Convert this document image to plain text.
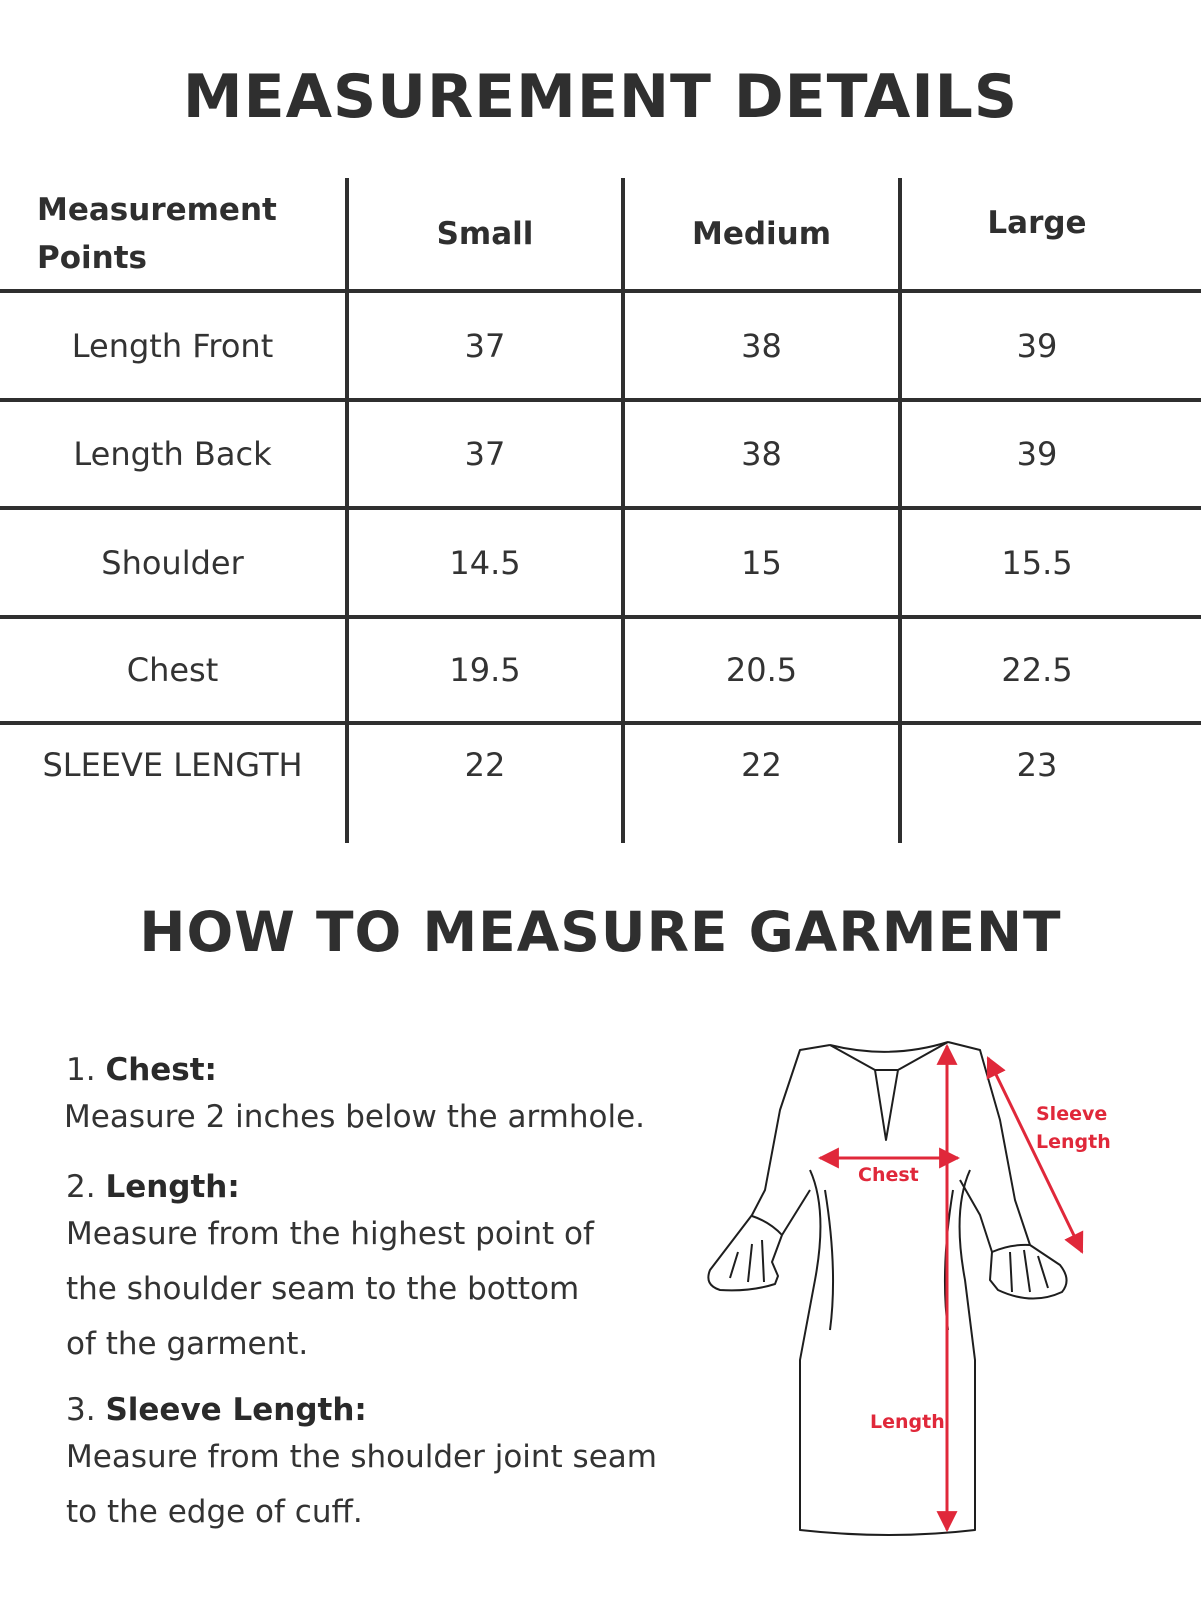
MEASUREMENT DETAILS
Measurement
Points
Small	Medium	Large
Length Front	37	38	39
Length Back	37	38	39
Shoulder	14.5	15	15.5
Chest	19.5	20.5	22.5
SLEEVE LENGTH	22	22	23
HOW TO MEASURE GARMENT
1. Chest:
Measure 2 inches below the armhole.
2. Length:
Measure from the highest point of
the shoulder seam to the bottom
of the garment.
3. Sleeve Length:
Measure from the shoulder joint seam
to the edge of cuff.
Chest
Length
Sleeve
Length
